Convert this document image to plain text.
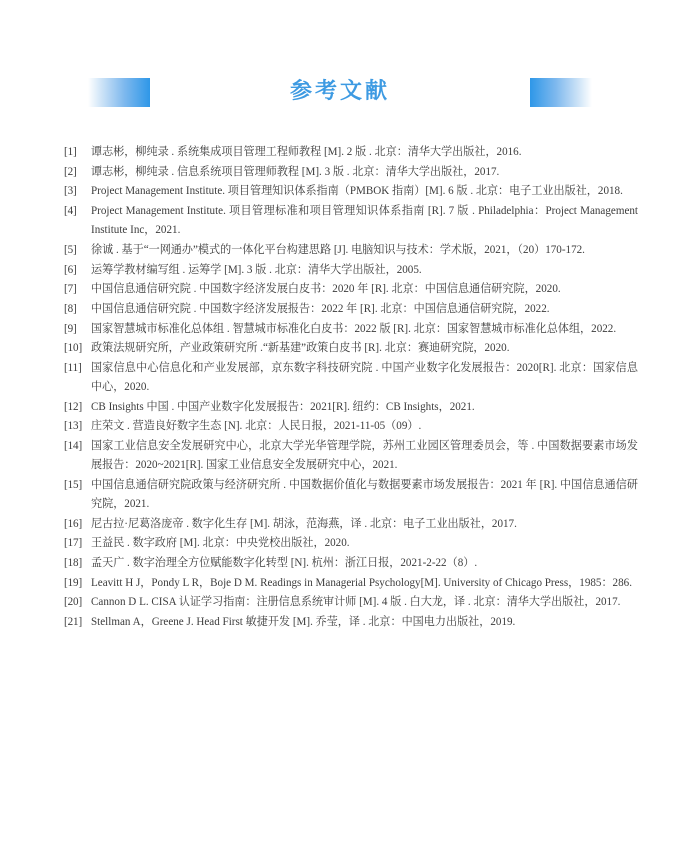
参考文献
[1]	谭志彬，柳纯录 . 系统集成项目管理工程师教程 [M]. 2 版 . 北京：清华大学出版社，2016.
[2]	谭志彬，柳纯录 . 信息系统项目管理师教程 [M]. 3 版 . 北京：清华大学出版社，2017.
[3]	Project Management Institute. 项目管理知识体系指南（PMBOK 指南）[M]. 6 版 . 北京：电子工业出版社，2018.
[4]	Project Management Institute. 项目管理标准和项目管理知识体系指南 [R]. 7 版 . Philadelphia：Project Management Institute Inc，2021.
[5]	徐诚 . 基于“一网通办”模式的一体化平台构建思路 [J]. 电脑知识与技术：学术版，2021，（20）170-172.
[6]	运筹学教材编写组 . 运筹学 [M]. 3 版 . 北京：清华大学出版社，2005.
[7]	中国信息通信研究院 . 中国数字经济发展白皮书：2020 年 [R]. 北京：中国信息通信研究院，2020.
[8]	中国信息通信研究院 . 中国数字经济发展报告：2022 年 [R]. 北京：中国信息通信研究院，2022.
[9]	国家智慧城市标准化总体组 . 智慧城市标准化白皮书：2022 版 [R]. 北京：国家智慧城市标准化总体组，2022.
[10] 政策法规研究所，产业政策研究所 .“新基建”政策白皮书 [R]. 北京：赛迪研究院，2020.
[11] 国家信息中心信息化和产业发展部，京东数字科技研究院 . 中国产业数字化发展报告：2020[R]. 北京：国家信息中心，2020.
[12] CB Insights 中国 . 中国产业数字化发展报告：2021[R]. 纽约：CB Insights，2021.
[13] 庄荣文 . 营造良好数字生态 [N]. 北京：人民日报，2021-11-05（09）.
[14] 国家工业信息安全发展研究中心，北京大学光华管理学院，苏州工业园区管理委员会，等 . 中国数据要素市场发展报告：2020~2021[R]. 国家工业信息安全发展研究中心，2021.
[15] 中国信息通信研究院政策与经济研究所 . 中国数据价值化与数据要素市场发展报告：2021 年 [R]. 中国信息通信研究院，2021.
[16] 尼古拉·尼葛洛庞帝 . 数字化生存 [M]. 胡泳，范海燕，译 . 北京：电子工业出版社，2017.
[17] 王益民 . 数字政府 [M]. 北京：中央党校出版社，2020.
[18] 孟天广 . 数字治理全方位赋能数字化转型 [N]. 杭州：浙江日报，2021-2-22（8）.
[19] Leavitt H J，Pondy L R，Boje D M. Readings in Managerial Psychology[M]. University of Chicago Press，1985：286.
[20] Cannon D L. CISA 认证学习指南：注册信息系统审计师 [M]. 4 版 . 白大龙，译 . 北京：清华大学出版社，2017.
[21] Stellman A，Greene J. Head First 敏捷开发 [M]. 乔莹，译 . 北京：中国电力出版社，2019.
